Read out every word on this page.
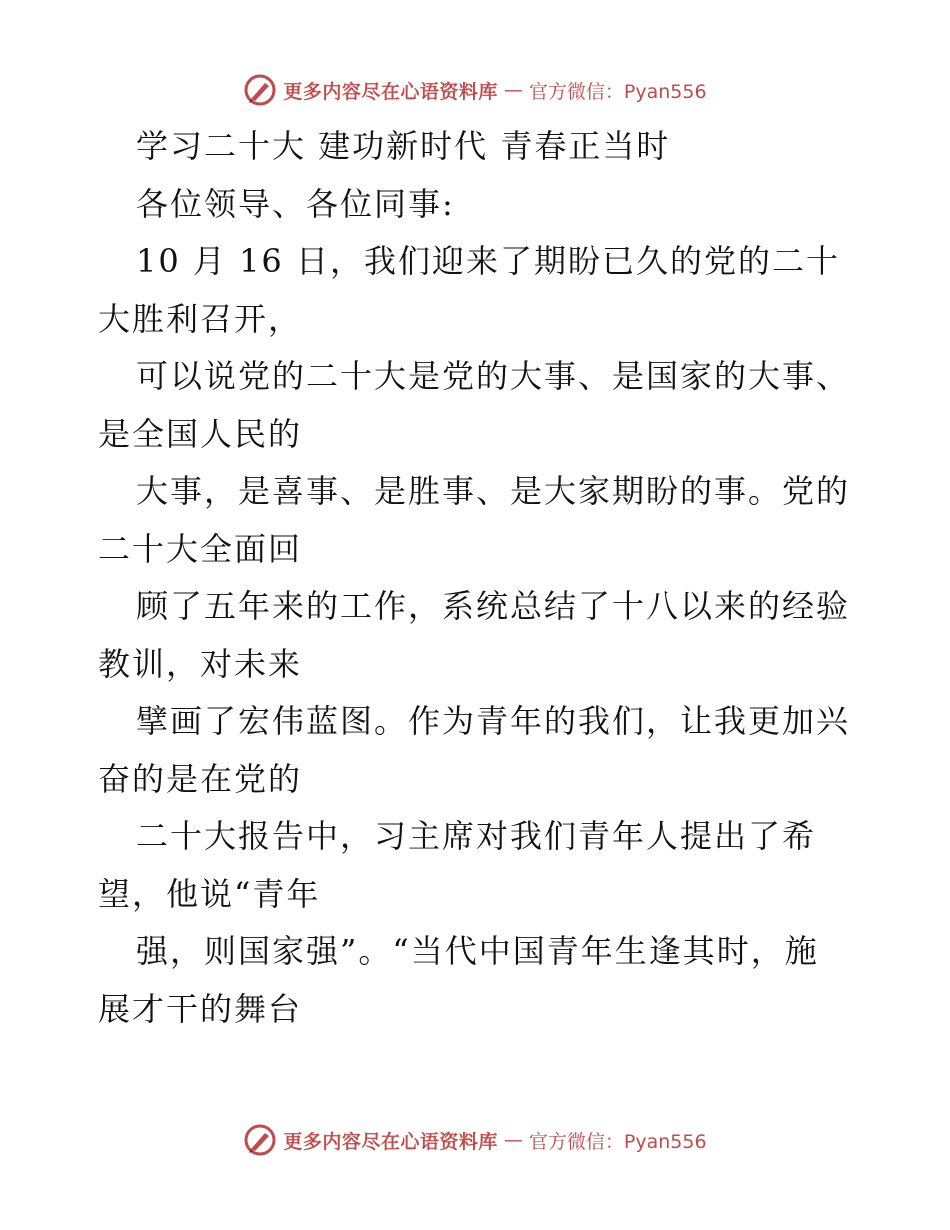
更多内容尽在心语资料库 — 官方微信：Pyan556
学习二十大 建功新时代 青春正当时
各位领导、各位同事:
10 月 16 日，我们迎来了期盼已久的党的二十
大胜利召开，
可以说党的二十大是党的大事、是国家的大事、
是全国人民的
大事，是喜事、是胜事、是大家期盼的事。党的
二十大全面回
顾了五年来的工作，系统总结了十八以来的经验
教训，对未来
擘画了宏伟蓝图。作为青年的我们，让我更加兴
奋的是在党的
二十大报告中，习主席对我们青年人提出了希
望，他说“青年
强，则国家强”。“当代中国青年生逢其时，施
展才干的舞台
更多内容尽在心语资料库 — 官方微信：Pyan556
